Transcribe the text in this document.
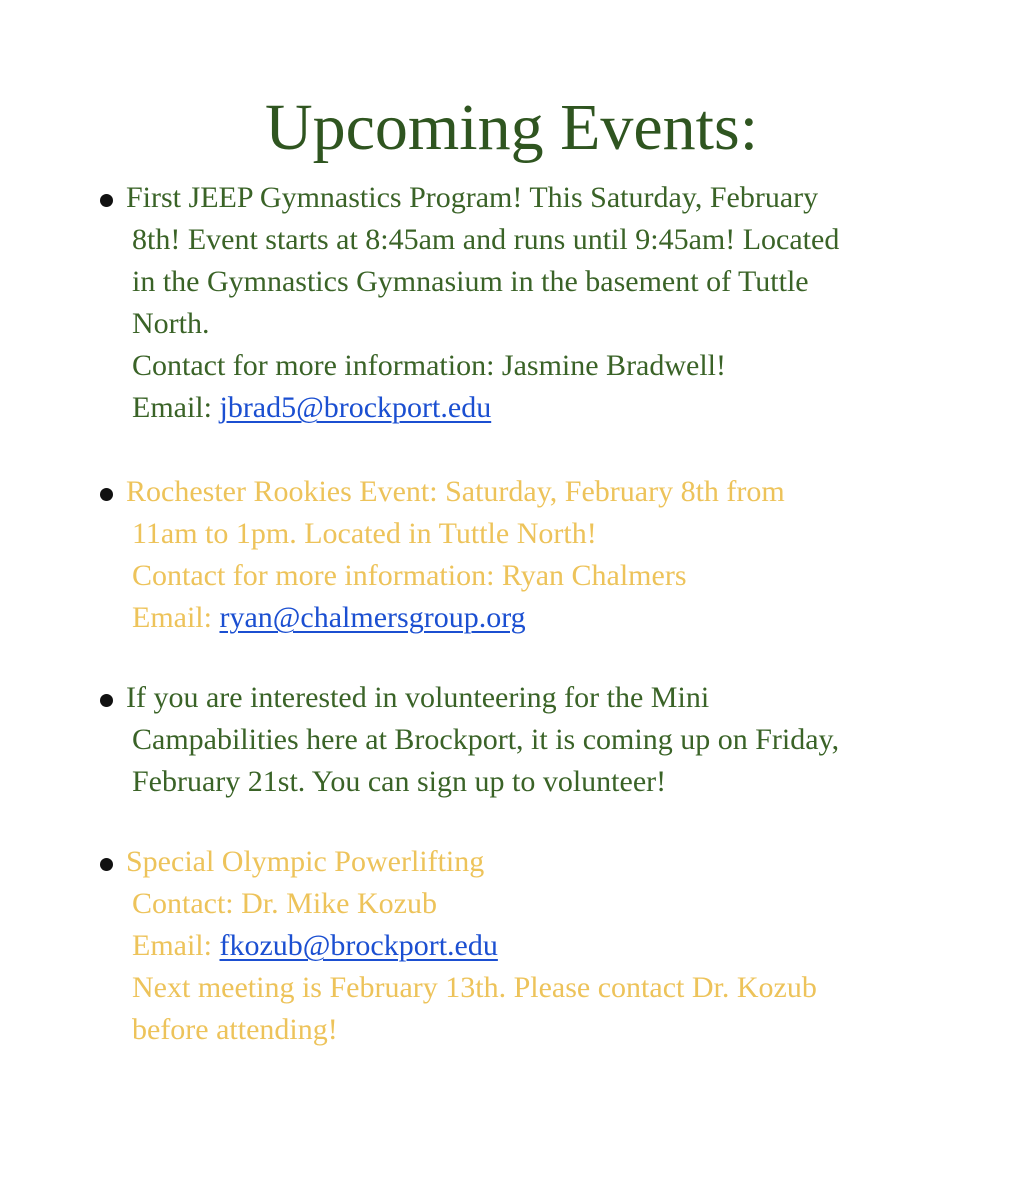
Upcoming Events:
First JEEP Gymnastics Program! This Saturday, February
8th! Event starts at 8:45am and runs until 9:45am! Located
in the Gymnastics Gymnasium in the basement of Tuttle
North.
Contact for more information: Jasmine Bradwell!
Email: jbrad5@brockport.edu
Rochester Rookies Event: Saturday, February 8th from
11am to 1pm. Located in Tuttle North!
Contact for more information: Ryan Chalmers
Email: ryan@chalmersgroup.org
If you are interested in volunteering for the Mini
Campabilities here at Brockport, it is coming up on Friday,
February 21st. You can sign up to volunteer!
Special Olympic Powerlifting
Contact: Dr. Mike Kozub
Email: fkozub@brockport.edu
Next meeting is February 13th. Please contact Dr. Kozub
before attending!
